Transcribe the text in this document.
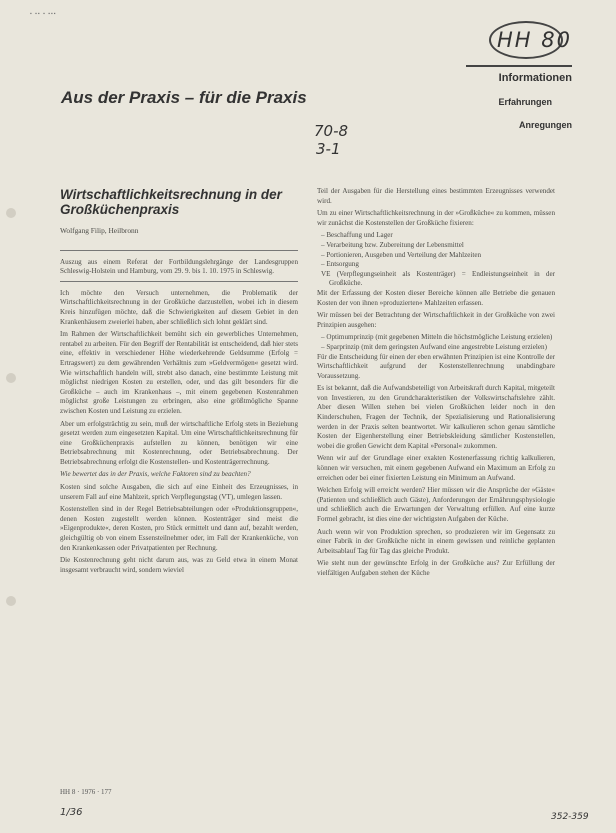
▪ ▪▪ ▪ ▪▪▪
HH 80
70-8
3-1
Informationen
Erfahrungen
Anregungen
Aus der Praxis – für die Praxis
Wirtschaftlichkeitsrechnung in der Großküchenpraxis
Wolfgang Filip, Heilbronn

Auszug aus einem Referat der Fortbildungslehrgänge der Landesgruppen Schleswig-Holstein und Hamburg, vom 29. 9. bis 1. 10. 1975 in Schleswig.

Ich möchte den Versuch unternehmen, die Problematik der Wirtschaftlichkeitsrechnung in der Großküche darzustellen, wobei ich in diesem Kreis hinzufügen möchte, daß die Schwierigkeiten auf diesem Gebiet in den Krankenhäusern zweierlei haben, aber schließlich sich lohnt geklärt sind.

Im Rahmen der Wirtschaftlichkeit bemüht sich ein gewerbliches Unternehmen, rentabel zu arbeiten. Für den Begriff der Rentabilität ist entscheidend, daß hier stets eine, effektiv in verschiedener Höhe wiederkehrende Geldsumme (Erfolg = Ertragswert) zu dem gewährenden Verhältnis zum »Geldvermögen« gesetzt wird. Wie wirtschaftlich handeln will, strebt also danach, eine bestimmte Leistung mit möglichst niedrigen Kosten zu erstellen, oder, und das gilt besonders für die Großküche – auch im Krankenhaus –, mit einem gegebenen Kostenrahmen möglichst große Leistungen zu erbringen, also eine größtmögliche Spanne zwischen Kosten und Leistung zu erzielen.

Aber um erfolgsträchtig zu sein, muß der wirtschaftliche Erfolg stets in Beziehung gesetzt werden zum eingesetzten Kapital. Um eine Wirtschaftlichkeitsrechnung für eine Großküchenpraxis aufstellen zu können, benötigen wir eine Betriebsabrechnung mit Kostenrechnung, oder Betriebsabrechnung. Der Betriebsabrechnung erfolgt die Kostenstellen- und Kostenträgerrechnung.

Wie bewertet das in der Praxis, welche Faktoren sind zu beachten?

Kosten sind solche Ausgaben, die sich auf eine Einheit des Erzeugnisses, in unserem Fall auf eine Mahlzeit, sprich Verpflegungstag (VT), umlegen lassen.

Kostenstellen sind in der Regel Betriebsabteilungen oder »Produktionsgruppen«, denen Kosten zugestellt werden können. Kostenträger sind meist die »Eigenprodukte«, deren Kosten, pro Stück ermittelt und dann auf, bezahlt werden, gleichgültig ob von einem Essensteilnehmer oder, im Fall der Krankenküche, von den Krankenkassen oder Privatpatienten per Rechnung.

Die Kostenrechnung geht nicht darum aus, was zu Geld etwa in einem Monat insgesamt verbraucht wird, sondern wieviel

Teil der Ausgaben für die Herstellung eines bestimmten Erzeugnisses verwendet wird.

Um zu einer Wirtschaftlichkeitsrechnung in der »Großküche« zu kommen, müssen wir zunächst die Kostenstellen der Großküche fixieren:

– Beschaffung und Lager
– Verarbeitung bzw. Zubereitung der Lebensmittel
– Portionieren, Ausgeben und Verteilung der Mahlzeiten
– Entsorgung
VE (Verpflegungseinheit als Kostenträger) = Endleistungseinheit in der Großküche.

Mit der Erfassung der Kosten dieser Bereiche können alle Betriebe die genauen Kosten der von ihnen »produzierten« Mahlzeiten erfassen.

Wir müssen bei der Betrachtung der Wirtschaftlichkeit in der Großküche von zwei Prinzipien ausgehen:

– Optimumprinzip (mit gegebenen Mitteln die höchstmögliche Leistung erzielen)
– Sparprinzip (mit dem geringsten Aufwand eine angestrebte Leistung erzielen)

Für die Entscheidung für einen der eben erwähnten Prinzipien ist eine Kontrolle der Wirtschaftlichkeit aufgrund der Kostenstellenrechnung unabdingbare Voraussetzung.

Es ist bekannt, daß die Aufwandsbeteiligt von Arbeitskraft durch Kapital, mitgeteilt von Investieren, zu den Grundcharakteristiken der Volkswirtschaftslehre zählt. Aber diesen Willen stehen bei vielen Großküchen leider noch in den Kinderschuhen, Fragen der Technik, der Spezialisierung und Rationalisierung werden in der Praxis selten beantwortet. Wir kalkulieren schon genau sämtliche Kosten der Eigenherstellung einer Betriebskleidung sämtlicher Kostenstellen, wobei die großen Gewicht dem Kapital »Personal« zukommen.

Wenn wir auf der Grundlage einer exakten Kostenerfassung richtig kalkulieren, können wir versuchen, mit einem gegebenen Aufwand ein Maximum an Erfolg zu erreichen oder bei einer fixierten Leistung ein Minimum an Aufwand.

Welchen Erfolg will erreicht werden? Hier müssen wir die Ansprüche der »Gäste« (Patienten und schließlich auch Gäste), Anforderungen der Ernährungsphysiologie und schließlich auch die Erwartungen der Verwaltung erfüllen. Auf eine kurze Formel gebracht, ist dies eine der wichtigsten Aufgaben der Küche.

Auch wenn wir von Produktion sprechen, so produzieren wir im Gegensatz zu einer Fabrik in der Großküche nicht in einem gewissen und reinliche geplanten Arbeitsablauf Tag für Tag das gleiche Produkt.

Wie steht nun der gewünschte Erfolg in der Großküche aus? Zur Erfüllung der vielfältigen Aufgaben stehen der Küche

HH 8 · 1976 · 177
1/36	352-359
